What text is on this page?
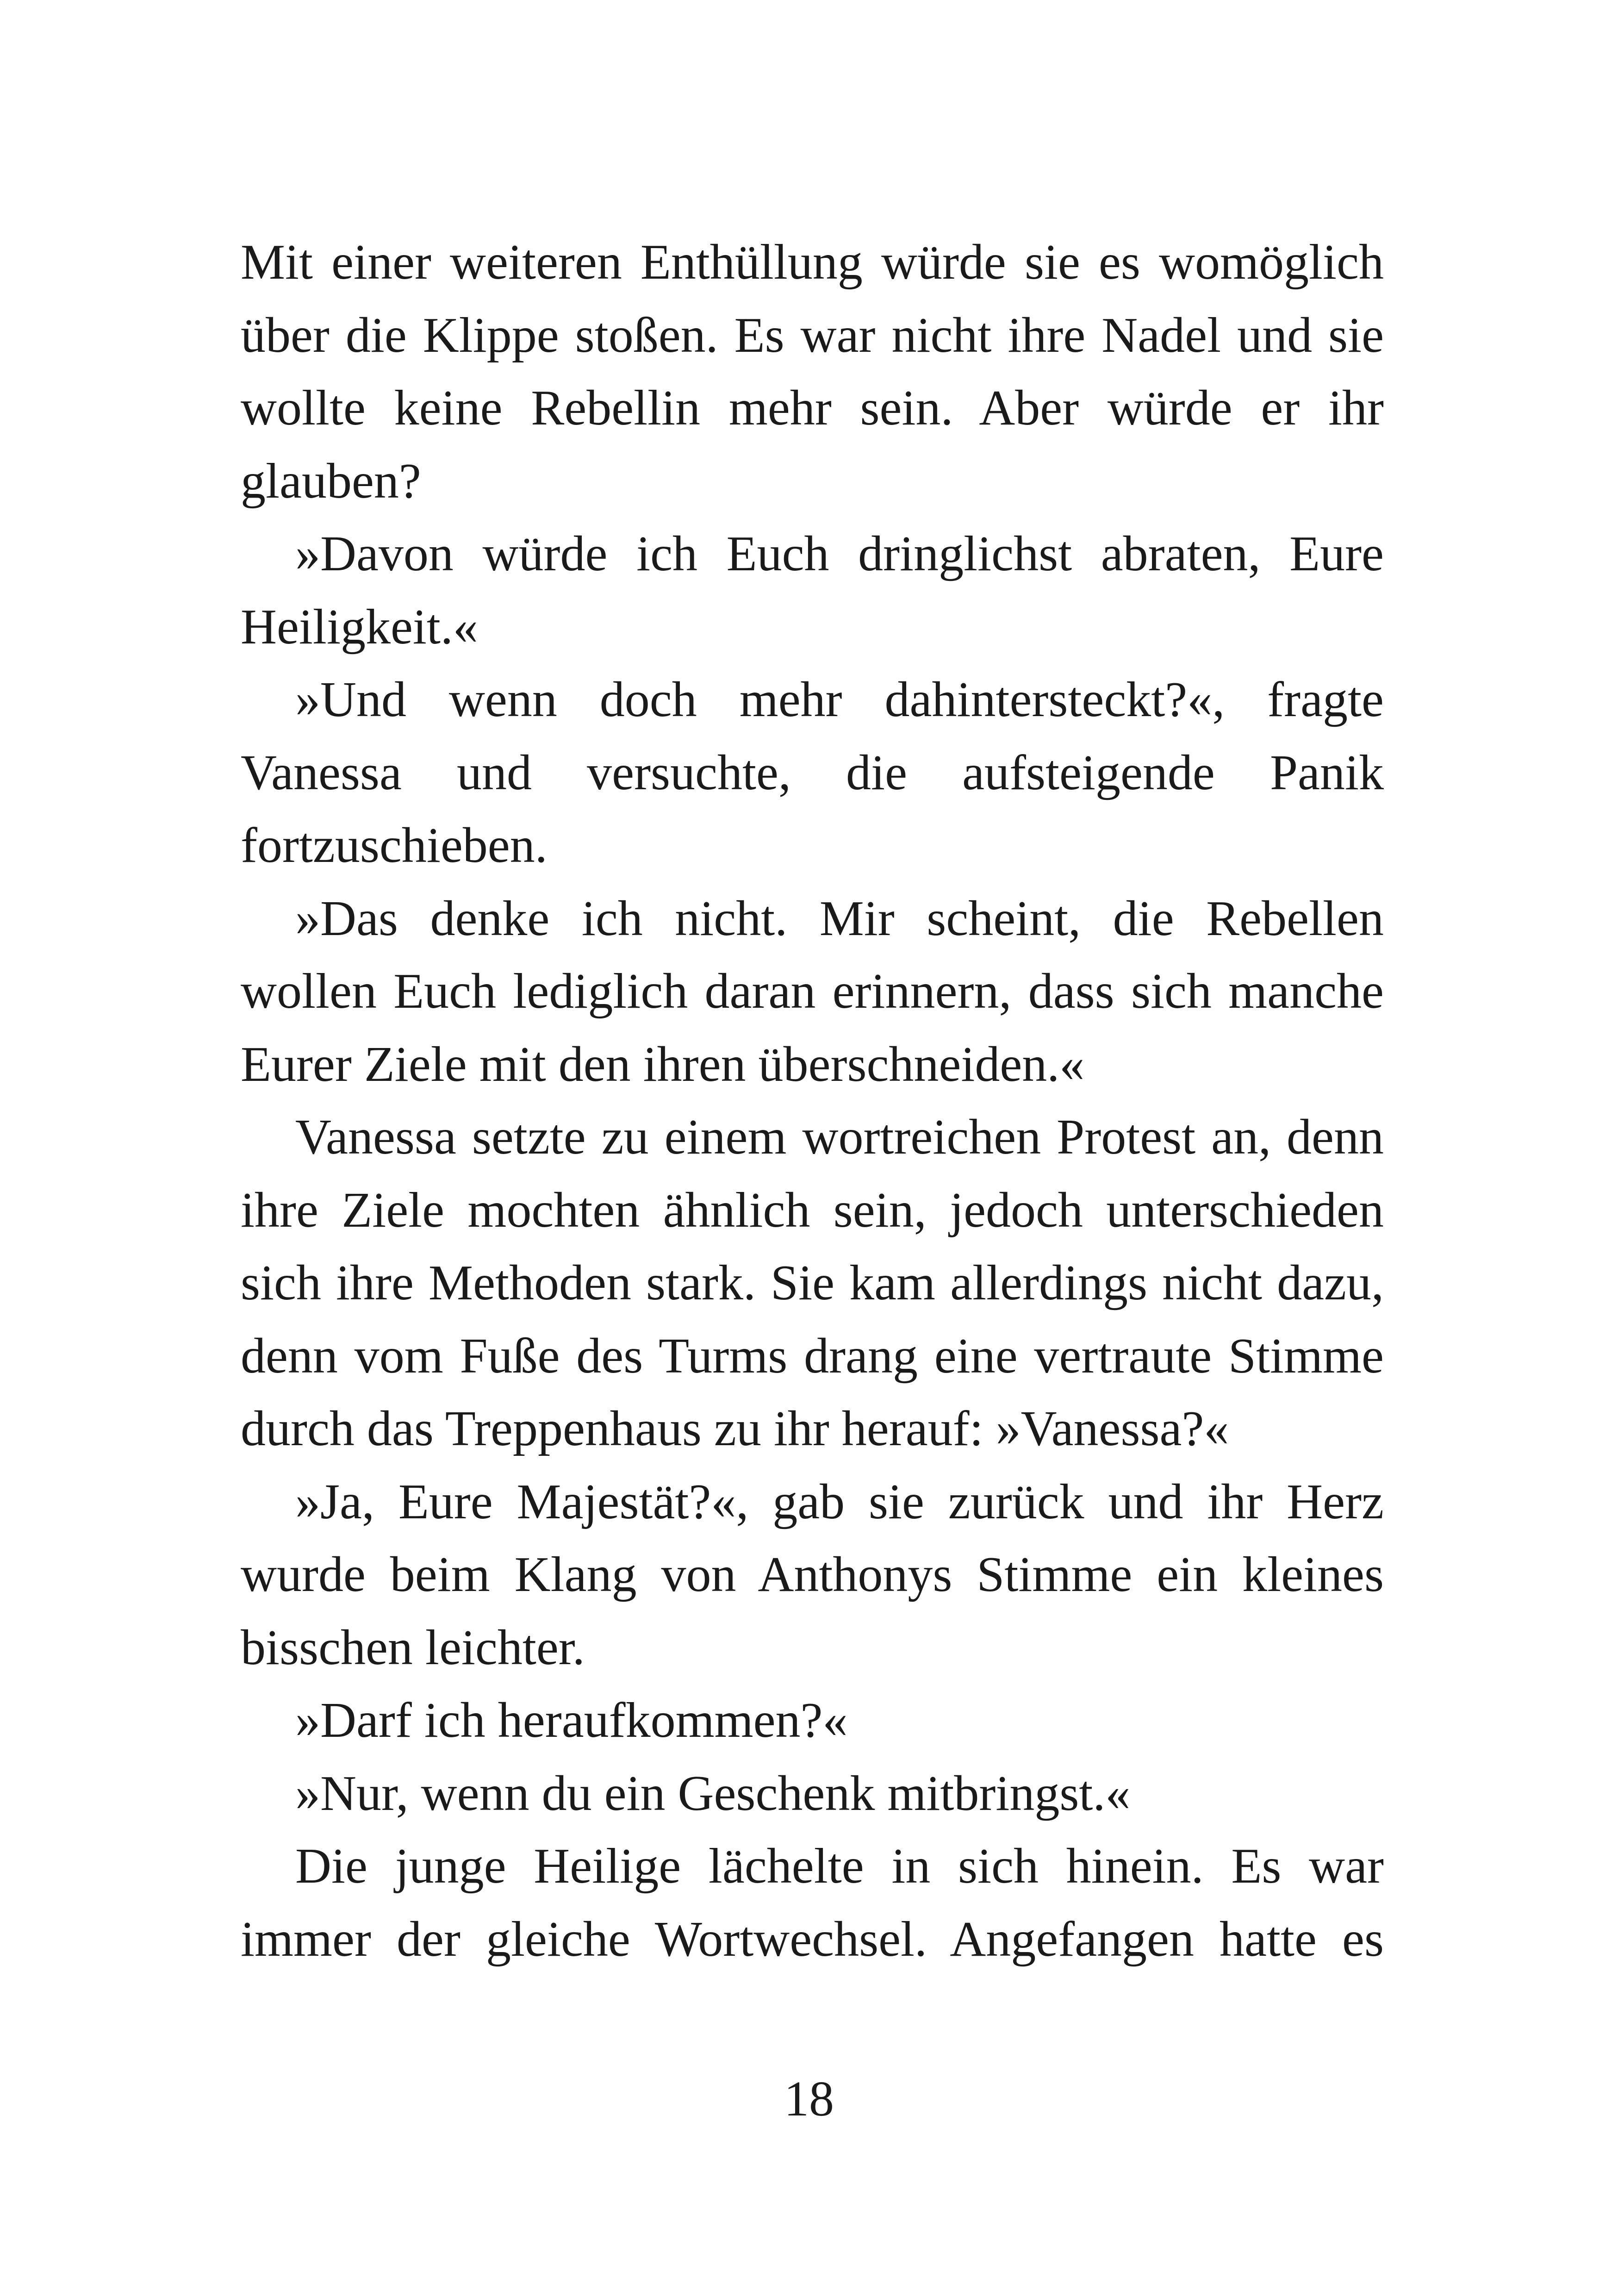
Mit einer weiteren Enthüllung würde sie es womöglich über die Klippe stoßen. Es war nicht ihre Nadel und sie wollte keine Rebellin mehr sein. Aber würde er ihr glauben?

»Davon würde ich Euch dringlichst abraten, Eure Heiligkeit.«

»Und wenn doch mehr dahintersteckt?«, fragte Vanessa und versuchte, die aufsteigende Panik fortzuschieben.

»Das denke ich nicht. Mir scheint, die Rebellen wollen Euch lediglich daran erinnern, dass sich manche Eurer Ziele mit den ihren überschneiden.«

Vanessa setzte zu einem wortreichen Protest an, denn ihre Ziele mochten ähnlich sein, jedoch unterschieden sich ihre Methoden stark. Sie kam allerdings nicht dazu, denn vom Fuße des Turms drang eine vertraute Stimme durch das Treppenhaus zu ihr herauf: »Vanessa?«

»Ja, Eure Majestät?«, gab sie zurück und ihr Herz wurde beim Klang von Anthonys Stimme ein kleines bisschen leichter.

»Darf ich heraufkommen?«

»Nur, wenn du ein Geschenk mitbringst.«

Die junge Heilige lächelte in sich hinein. Es war immer der gleiche Wortwechsel. Angefangen hatte es

18
